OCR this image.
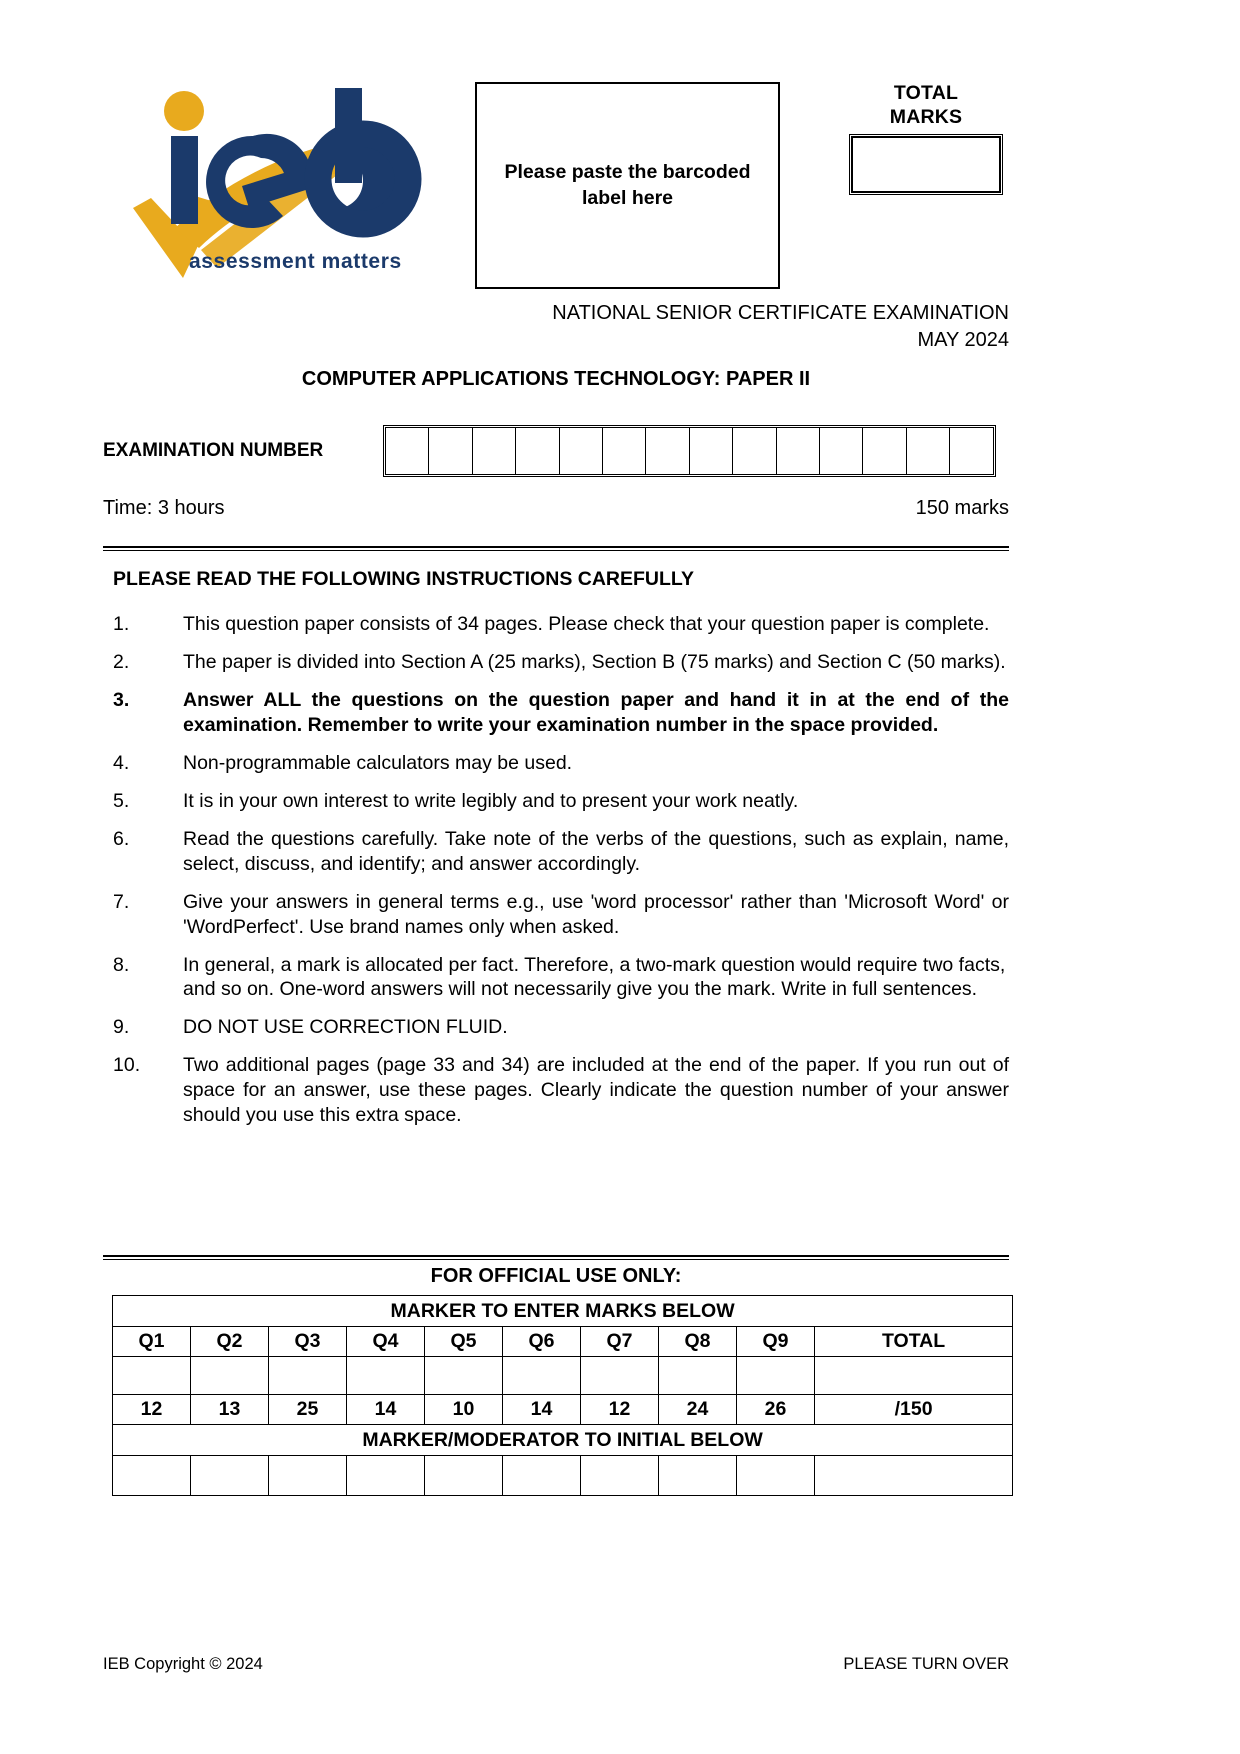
assessment matters
Please paste the barcoded label here
TOTAL
MARKS
NATIONAL SENIOR CERTIFICATE EXAMINATION
MAY 2024
COMPUTER APPLICATIONS TECHNOLOGY: PAPER II
EXAMINATION NUMBER
Time: 3 hours	150 marks
PLEASE READ THE FOLLOWING INSTRUCTIONS CAREFULLY
1.	This question paper consists of 34 pages. Please check that your question paper is complete.
2.	The paper is divided into Section A (25 marks), Section B (75 marks) and Section C (50 marks).
3.	Answer ALL the questions on the question paper and hand it in at the end of the examination. Remember to write your examination number in the space provided.
4.	Non-programmable calculators may be used.
5.	It is in your own interest to write legibly and to present your work neatly.
6.	Read the questions carefully. Take note of the verbs of the questions, such as explain, name, select, discuss, and identify; and answer accordingly.
7.	Give your answers in general terms e.g., use 'word processor' rather than 'Microsoft Word' or 'WordPerfect'. Use brand names only when asked.
8.	In general, a mark is allocated per fact. Therefore, a two-mark question would require two facts, and so on. One-word answers will not necessarily give you the mark. Write in full sentences.
9.	DO NOT USE CORRECTION FLUID.
10.	Two additional pages (page 33 and 34) are included at the end of the paper. If you run out of space for an answer, use these pages. Clearly indicate the question number of your answer should you use this extra space.
FOR OFFICIAL USE ONLY:
MARKER TO ENTER MARKS BELOW									
Q1	Q2	Q3	Q4	Q5	Q6	Q7	Q8	Q9	TOTAL

12	13	25	14	10	14	12	24	26	/150
MARKER/MODERATOR TO INITIAL BELOW									

IEB Copyright © 2024	PLEASE TURN OVER
